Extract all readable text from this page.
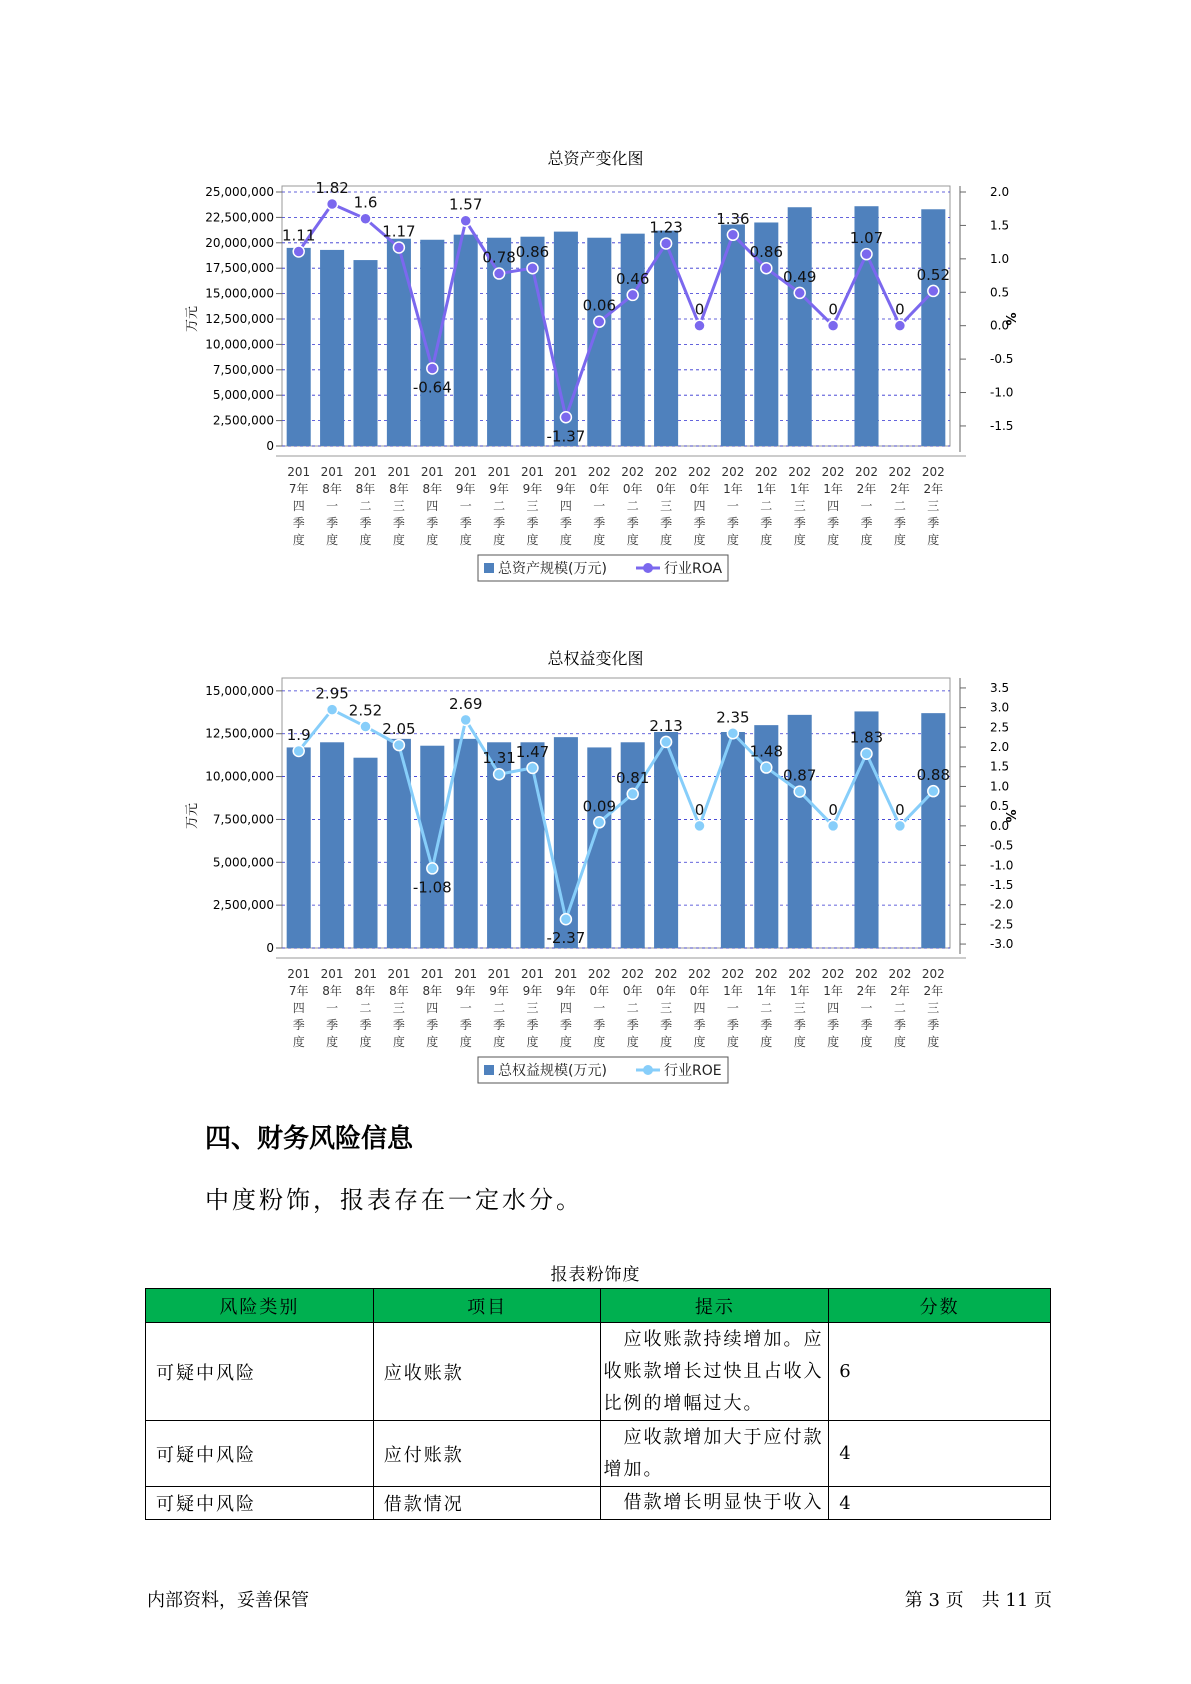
总资产变化图
0
2,500,000
5,000,000
7,500,000
10,000,000
12,500,000
15,000,000
17,500,000
20,000,000
22,500,000
25,000,000
-1.5
-1.0
-0.5
0.0
0.5
1.0
1.5
2.0
万元	%
201
7年
四
季
度
201
8年
一
季
度
201
8年
二
季
度
201
8年
三
季
度
201
8年
四
季
度
201
9年
一
季
度
201
9年
二
季
度
201
9年
三
季
度
201
9年
四
季
度
202
0年
一
季
度
202
0年
二
季
度
202
0年
三
季
度
202
0年
四
季
度
202
1年
一
季
度
202
1年
二
季
度
202
1年
三
季
度
202
1年
四
季
度
202
2年
一
季
度
202
2年
二
季
度
202
2年
三
季
度
1.11
1.82
1.6
1.17
-0.64
1.57
0.78 0.86
-1.37
0.06
0.46
1.23
0
1.36
0.86
0.49
0
1.07
0
0.52
总资产规模(万元)	行业ROA
总权益变化图
0
2,500,000
5,000,000
7,500,000
10,000,000
12,500,000
15,000,000
-3.0
-2.5
-2.0
-1.5
-1.0
-0.5
0.0
0.5
1.0
1.5
2.0
2.5
3.0
3.5
万元	%
201
7年
四
季
度
201
8年
一
季
度
201
8年
二
季
度
201
8年
三
季
度
201
8年
四
季
度
201
9年
一
季
度
201
9年
二
季
度
201
9年
三
季
度
201
9年
四
季
度
202
0年
一
季
度
202
0年
二
季
度
202
0年
三
季
度
202
0年
四
季
度
202
1年
一
季
度
202
1年
二
季
度
202
1年
三
季
度
202
1年
四
季
度
202
2年
一
季
度
202
2年
二
季
度
202
2年
三
季
度
1.9
2.95
2.52
2.05
-1.08
2.69
1.31 1.47
-2.37
0.09
0.81
2.13
0
2.35
1.48
0.87
0
1.83
0
0.88
总权益规模(万元)	行业ROE
四、财务风险信息
中度粉饰，报表存在一定水分。
报表粉饰度
风险类别	项目	提示	分数
可疑中风险	应收账款	　应收账款持续增加。应收账款增长过快且占收入比例的增幅过大。	6
可疑中风险	应付账款	　应收款增加大于应付款增加。	4
可疑中风险	借款情况	　借款增长明显快于收入	4
内部资料，妥善保管	第 3 页　共 11 页
